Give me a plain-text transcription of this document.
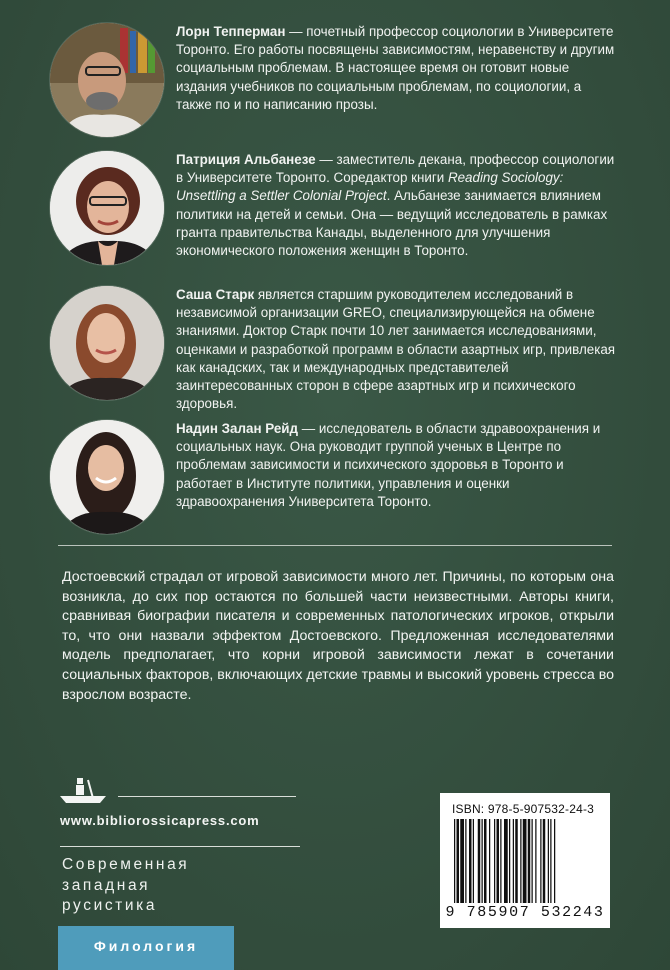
Лорн Тепперман — почетный профессор социологии в Университете Торонто. Его работы посвящены зависимостям, неравенству и другим социальным проблемам. В настоящее время он готовит новые издания учебников по социальным проблемам, по социологии, а также по и по написанию прозы.
Патриция Альбанезе — заместитель декана, профессор социологии в Университете Торонто. Соредактор книги Reading Sociology: Unsettling a Settler Colonial Project. Альбанезе занимается влиянием политики на детей и семьи. Она — ведущий исследователь в рамках гранта правительства Канады, выделенного для улучшения экономического положения женщин в Торонто.
Саша Старк является старшим руководителем исследований в независимой организации GREO, специализирующейся на обмене знаниями. Доктор Старк почти 10 лет занимается исследованиями, оценками и разработкой программ в области азартных игр, привлекая как канадских, так и международных представителей заинтересованных сторон в сфере азартных игр и психического здоровья.
Надин Залан Рейд — исследователь в области здравоохранения и социальных наук. Она руководит группой ученых в Центре по проблемам зависимости и психического здоровья в Торонто и работает в Институте политики, управления и оценки здравоохранения Университета Торонто.
Достоевский страдал от игровой зависимости много лет. Причины, по которым она возникла, до сих пор остаются по большей части неизвестными. Авторы книги, сравнивая биографии писателя и современных патологических игроков, открыли то, что они назвали эффектом Достоевского. Предложенная исследователями модель предполагает, что корни игровой зависимости лежат в сочетании социальных факторов, включающих детские травмы и высокий уровень стресса во взрослом возрасте.
www.bibliorossicapress.com
Современная
западная
русистика
Филология
ISBN: 978-5-907532-24-3
9 785907 532243
